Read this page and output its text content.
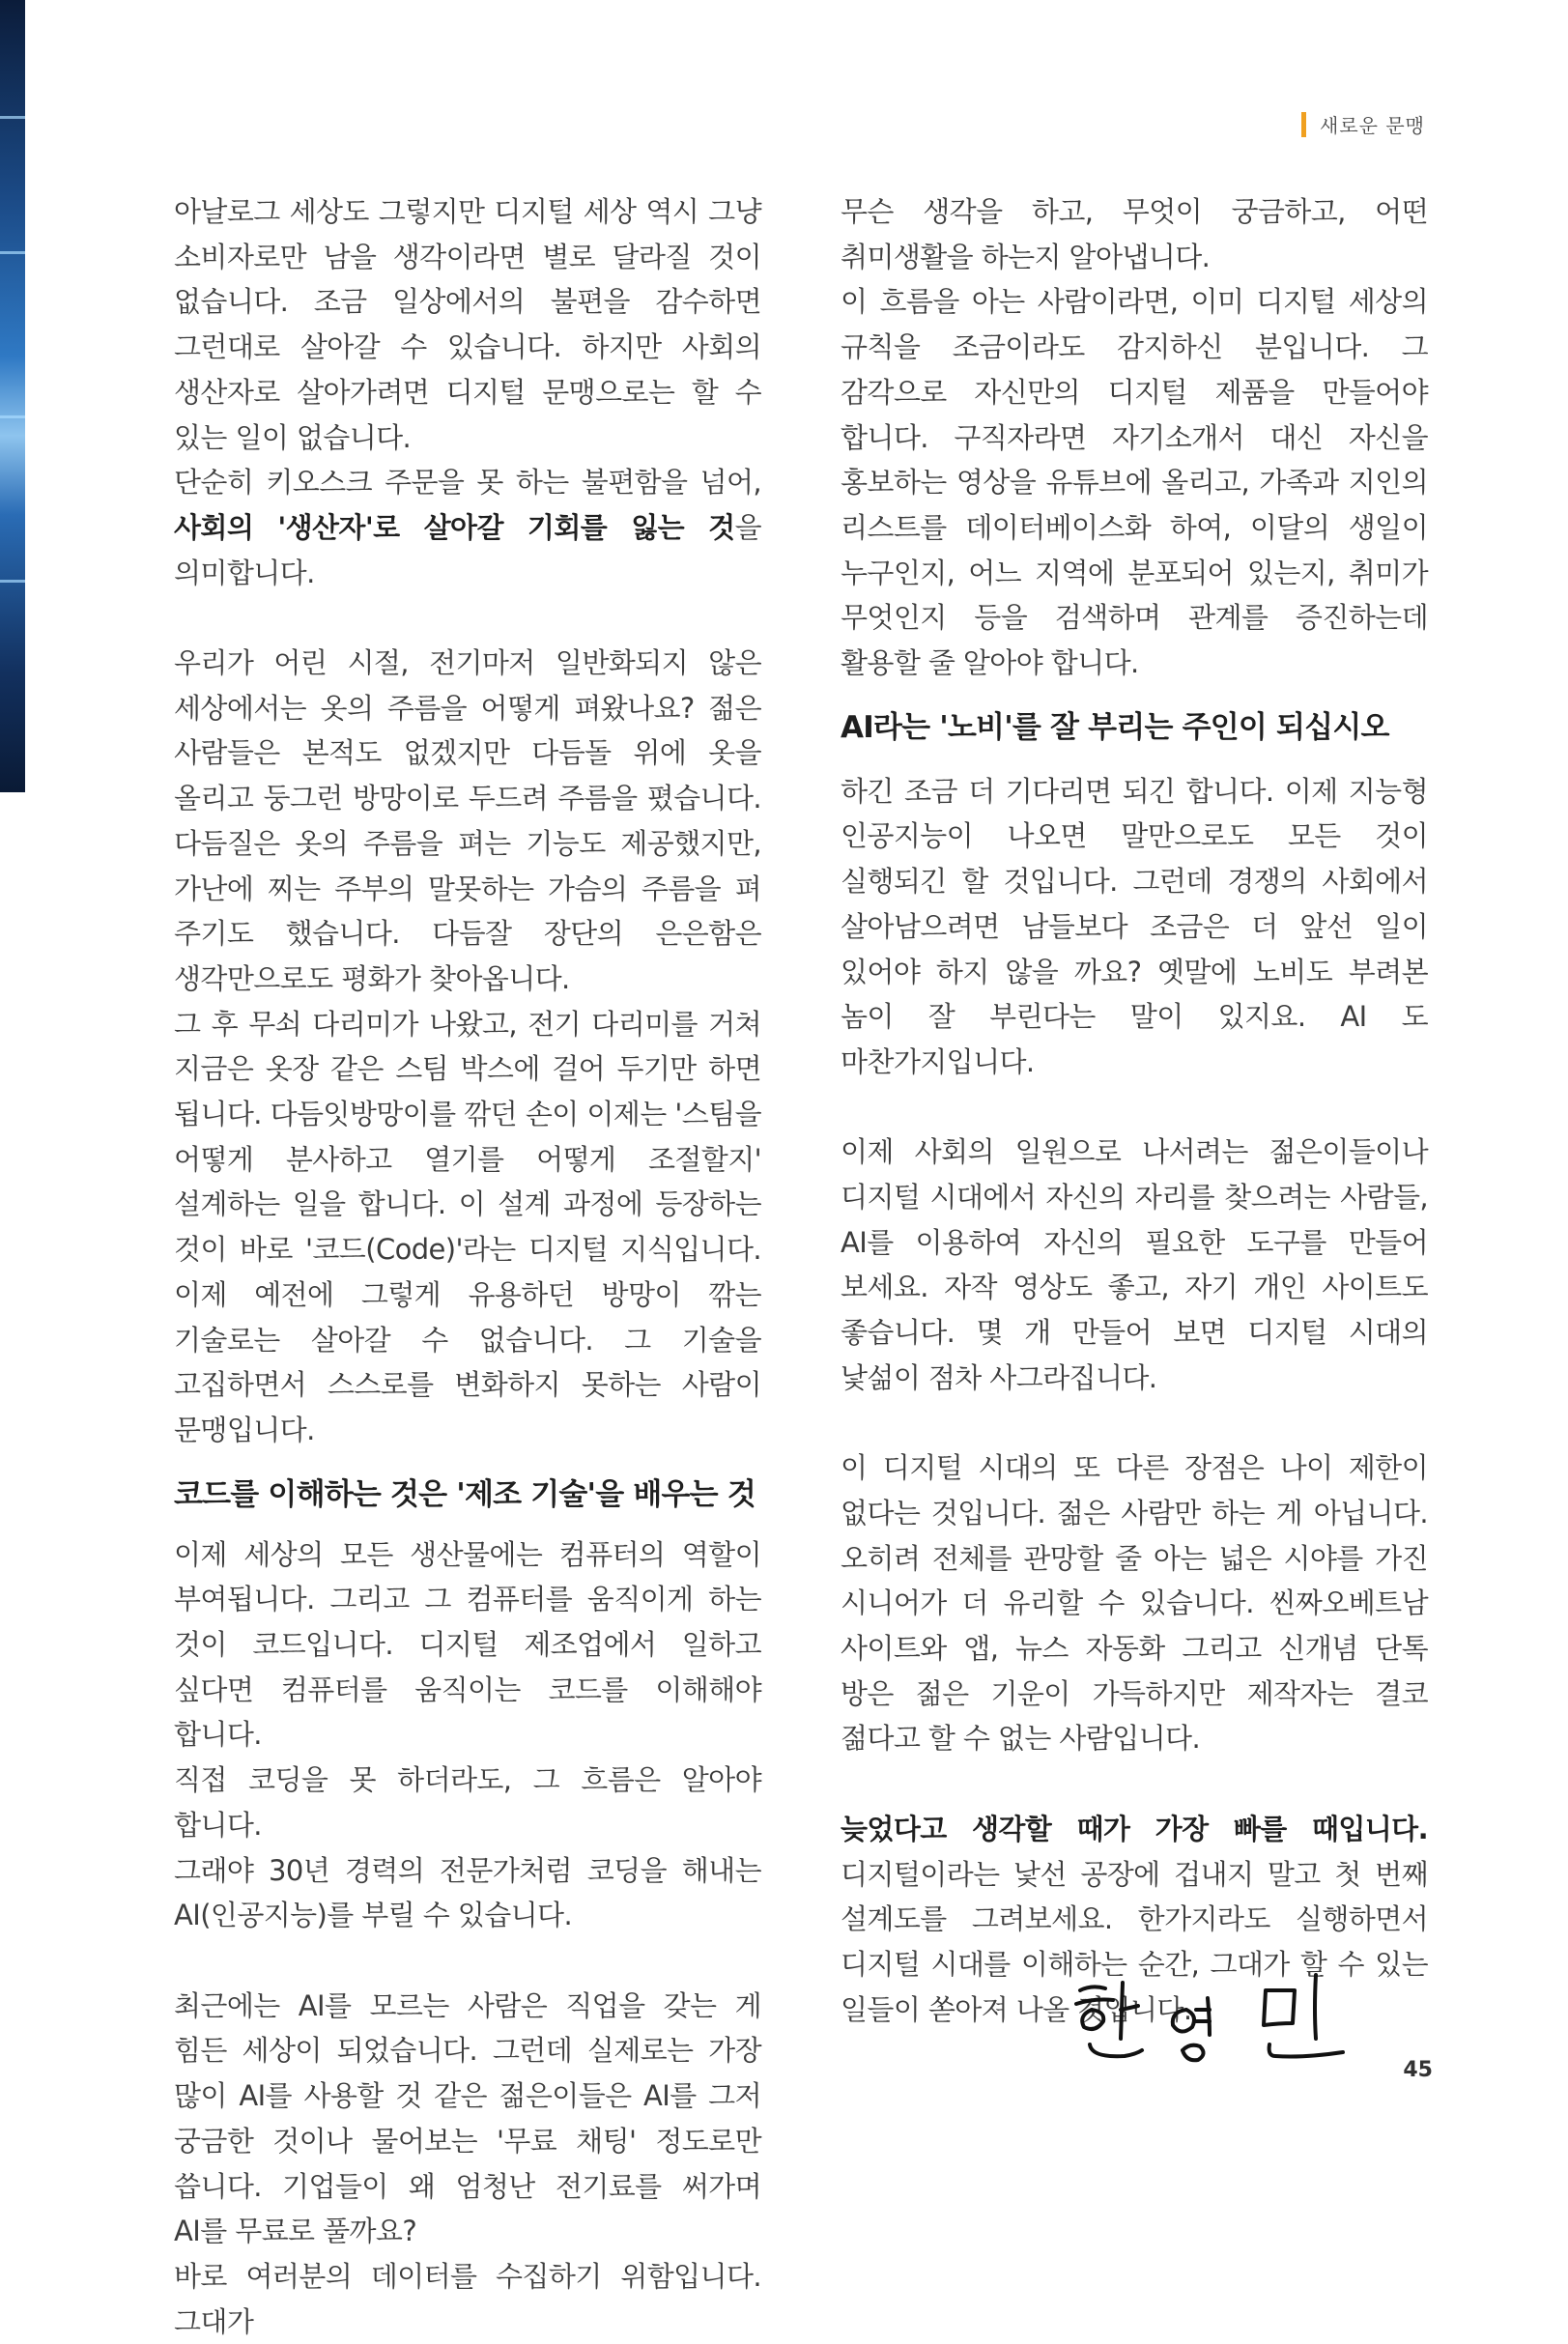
새로운 문맹

아날로그 세상도 그렇지만 디지털 세상 역시 그냥 소비자로만 남을 생각이라면 별로 달라질 것이 없습니다. 조금 일상에서의 불편을 감수하면 그런대로 살아갈 수 있습니다. 하지만 사회의 생산자로 살아가려면 디지털 문맹으로는 할 수 있는 일이 없습니다.

단순히 키오스크 주문을 못 하는 불편함을 넘어, 사회의 '생산자'로 살아갈 기회를 잃는 것을 의미합니다.

우리가 어린 시절, 전기마저 일반화되지 않은 세상에서는 옷의 주름을 어떻게 펴왔나요? 젊은 사람들은 본적도 없겠지만 다듬돌 위에 옷을 올리고 둥그런 방망이로 두드려 주름을 폈습니다. 다듬질은 옷의 주름을 펴는 기능도 제공했지만, 가난에 찌는 주부의 말못하는 가슴의 주름을 펴 주기도 했습니다. 다듬잘 장단의 은은함은 생각만으로도 평화가 찾아옵니다.

그 후 무쇠 다리미가 나왔고, 전기 다리미를 거쳐 지금은 옷장 같은 스팀 박스에 걸어 두기만 하면 됩니다. 다듬잇방망이를 깎던 손이 이제는 '스팀을 어떻게 분사하고 열기를 어떻게 조절할지' 설계하는 일을 합니다. 이 설계 과정에 등장하는 것이 바로 '코드(Code)'라는 디지털 지식입니다. 이제 예전에 그렇게 유용하던 방망이 깎는 기술로는 살아갈 수 없습니다. 그 기술을 고집하면서 스스로를 변화하지 못하는 사람이 문맹입니다.

코드를 이해하는 것은 '제조 기술'을 배우는 것

이제 세상의 모든 생산물에는 컴퓨터의 역할이 부여됩니다. 그리고 그 컴퓨터를 움직이게 하는 것이 코드입니다. 디지털 제조업에서 일하고 싶다면 컴퓨터를 움직이는 코드를 이해해야 합니다.

직접 코딩을 못 하더라도, 그 흐름은 알아야 합니다.

그래야 30년 경력의 전문가처럼 코딩을 해내는 AI(인공지능)를 부릴 수 있습니다.

최근에는 AI를 모르는 사람은 직업을 갖는 게 힘든 세상이 되었습니다. 그런데 실제로는 가장 많이 AI를 사용할 것 같은 젊은이들은 AI를 그저 궁금한 것이나 물어보는 '무료 채팅' 정도로만 씁니다. 기업들이 왜 엄청난 전기료를 써가며 AI를 무료로 풀까요?

바로 여러분의 데이터를 수집하기 위함입니다. 그대가

무슨 생각을 하고, 무엇이 궁금하고, 어떤 취미생활을 하는지 알아냅니다.

이 흐름을 아는 사람이라면, 이미 디지털 세상의 규칙을 조금이라도 감지하신 분입니다. 그 감각으로 자신만의 디지털 제품을 만들어야 합니다. 구직자라면 자기소개서 대신 자신을 홍보하는 영상을 유튜브에 올리고, 가족과 지인의 리스트를 데이터베이스화 하여, 이달의 생일이 누구인지, 어느 지역에 분포되어 있는지, 취미가 무엇인지 등을 검색하며 관계를 증진하는데 활용할 줄 알아야 합니다.

AI라는 '노비'를 잘 부리는 주인이 되십시오

하긴 조금 더 기다리면 되긴 합니다. 이제 지능형 인공지능이 나오면 말만으로도 모든 것이 실행되긴 할 것입니다. 그런데 경쟁의 사회에서 살아남으려면 남들보다 조금은 더 앞선 일이 있어야 하지 않을 까요? 옛말에 노비도 부려본 놈이 잘 부린다는 말이 있지요. AI 도 마찬가지입니다.

이제 사회의 일원으로 나서려는 젊은이들이나 디지털 시대에서 자신의 자리를 찾으려는 사람들, AI를 이용하여 자신의 필요한 도구를 만들어 보세요. 자작 영상도 좋고, 자기 개인 사이트도 좋습니다. 몇 개 만들어 보면 디지털 시대의 낯섦이 점차 사그라집니다.

이 디지털 시대의 또 다른 장점은 나이 제한이 없다는 것입니다. 젊은 사람만 하는 게 아닙니다. 오히려 전체를 관망할 줄 아는 넓은 시야를 가진 시니어가 더 유리할 수 있습니다. 씬짜오베트남 사이트와 앱, 뉴스 자동화 그리고 신개념 단톡 방은 젊은 기운이 가득하지만 제작자는 결코 젊다고 할 수 없는 사람입니다.

늦었다고 생각할 때가 가장 빠를 때입니다. 디지털이라는 낯선 공장에 겁내지 말고 첫 번째 설계도를 그려보세요. 한가지라도 실행하면서 디지털 시대를 이해하는 순간, 그대가 할 수 있는 일들이 쏟아져 나올 것입니다.

45
